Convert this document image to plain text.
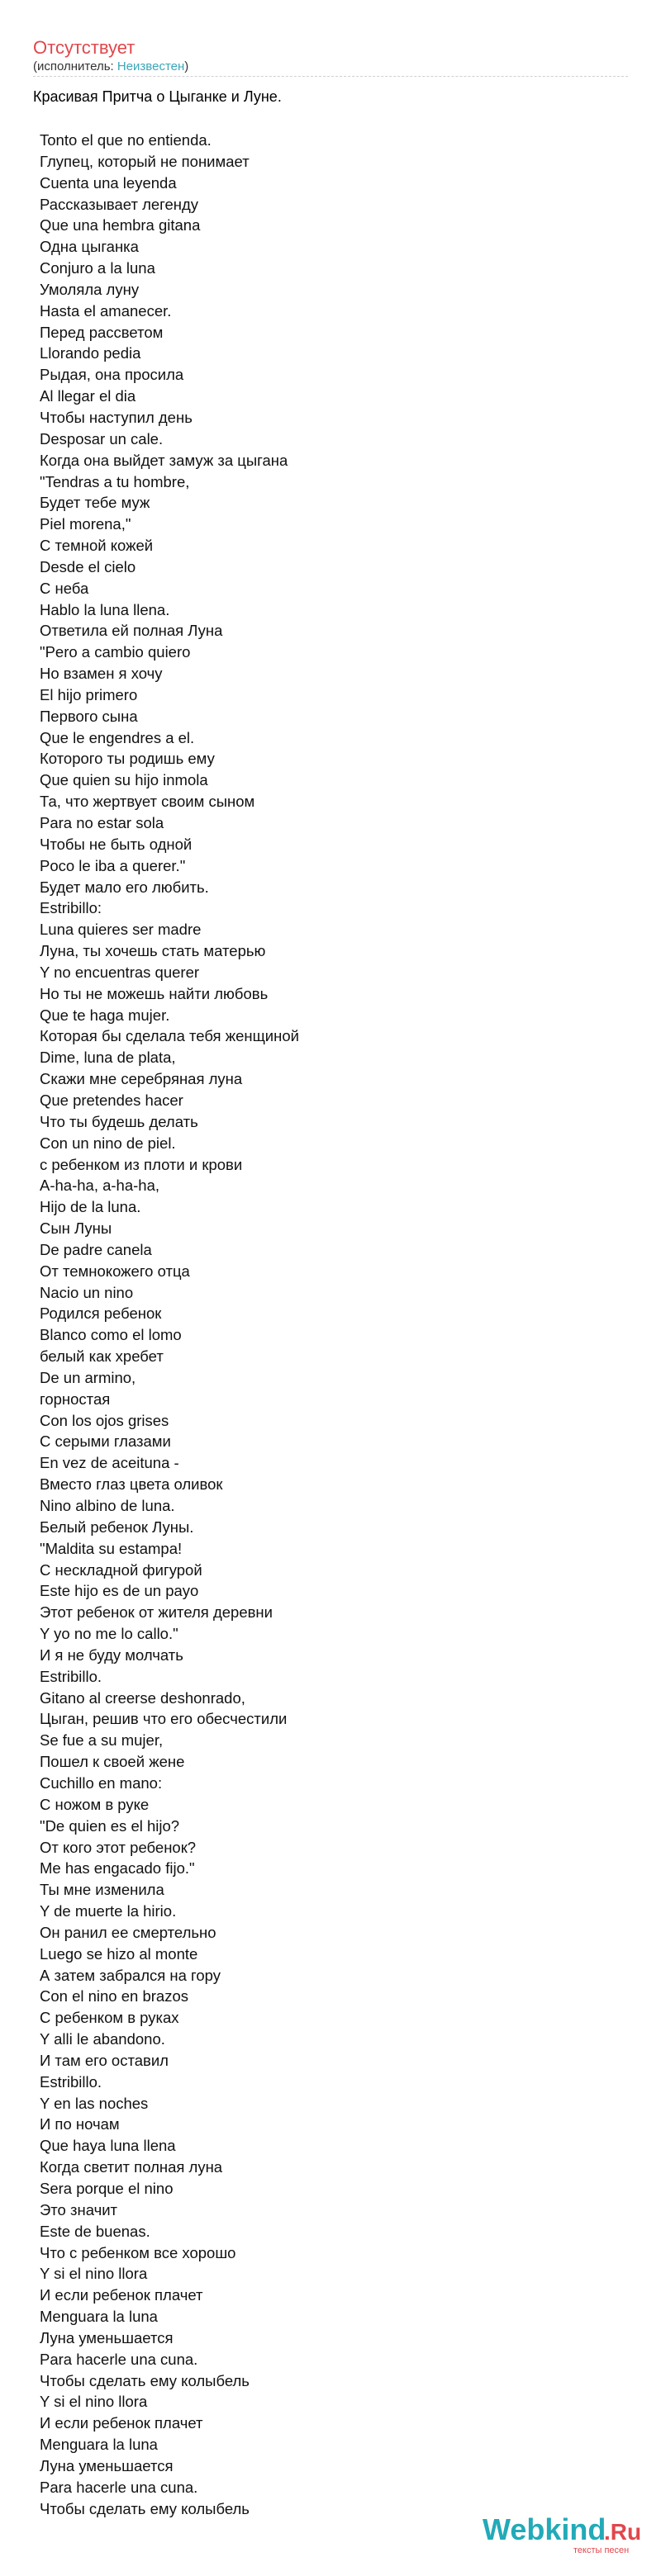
Отсутствует
(исполнитель: Неизвестен)
Красивая Притча о Цыганке и Луне.
Tonto el que no entienda.
Глупец, который не понимает
Cuenta una leyenda
Рассказывает легенду
Que una hembra gitana
Одна цыганка
Conjuro a la luna
Умоляла луну
Hasta el amanecer.
Перед рассветом
Llorando pedia
Рыдая, она просила
Al llegar el dia
Чтобы наступил день
Desposar un cale.
Когда она выйдет замуж за цыгана
"Tendras a tu hombre,
Будет тебе муж
Piel morena,"
С темной кожей
Desde el cielo
С неба
Hablo la luna llena.
Ответила ей полная Луна
"Pero a cambio quiero
Но взамен я хочу
El hijo primero
Первого сына
Que le engendres a el.
Которого ты родишь ему
Que quien su hijo inmola
Та, что жертвует своим сыном
Para no estar sola
Чтобы не быть одной
Poco le iba a querer."
Будет мало его любить.
Estribillo:
Luna quieres ser madre
Луна, ты хочешь стать матерью
Y no encuentras querer
Но ты не можешь найти любовь
Que te haga mujer.
Которая бы сделала тебя женщиной
Dime, luna de plata,
Скажи мне серебряная луна
Que pretendes hacer
Что ты будешь делать
Con un nino de piel.
с ребенком из плоти и крови
A-ha-ha, a-ha-ha,
Hijo de la luna.
Сын Луны
De padre canela
От темнокожего отца
Nacio un nino
Родился ребенок
Blanco como el lomo
белый как хребет
De un armino,
горностая
Con los ojos grises
С серыми глазами
En vez de aceituna -
Вместо глаз цвета оливок
Nino albino de luna.
Белый ребенок Луны.
"Maldita su estampa!
С нескладной фигурой
Este hijo es de un payo
Этот ребенок от жителя деревни
Y yo no me lo callo."
И я не буду молчать
Estribillo.
Gitano al creerse deshonrado,
Цыган, решив что его обесчестили
Se fue a su mujer,
Пошел к своей жене
Cuchillo en mano:
С ножом в руке
"De quien es el hijo?
От кого этот ребенок?
Me has engacado fijo."
Ты мне изменила
Y de muerte la hirio.
Он ранил ее смертельно
Luego se hizo al monte
А затем забрался на гору
Con el nino en brazos
С ребенком в руках
Y alli le abandono.
И там его оставил
Estribillo.
Y en las noches
И по ночам
Que haya luna llena
Когда светит полная луна
Sera porque el nino
Это значит
Este de buenas.
Что с ребенком все хорошо
Y si el nino llora
И если ребенок плачет
Menguara la luna
Луна уменьшается
Para hacerle una cuna.
Чтобы сделать ему колыбель
Y si el nino llora
И если ребенок плачет
Menguara la luna
Луна уменьшается
Para hacerle una cuna.
Чтобы сделать ему колыбель
Webkind
.Ru
тексты песен
